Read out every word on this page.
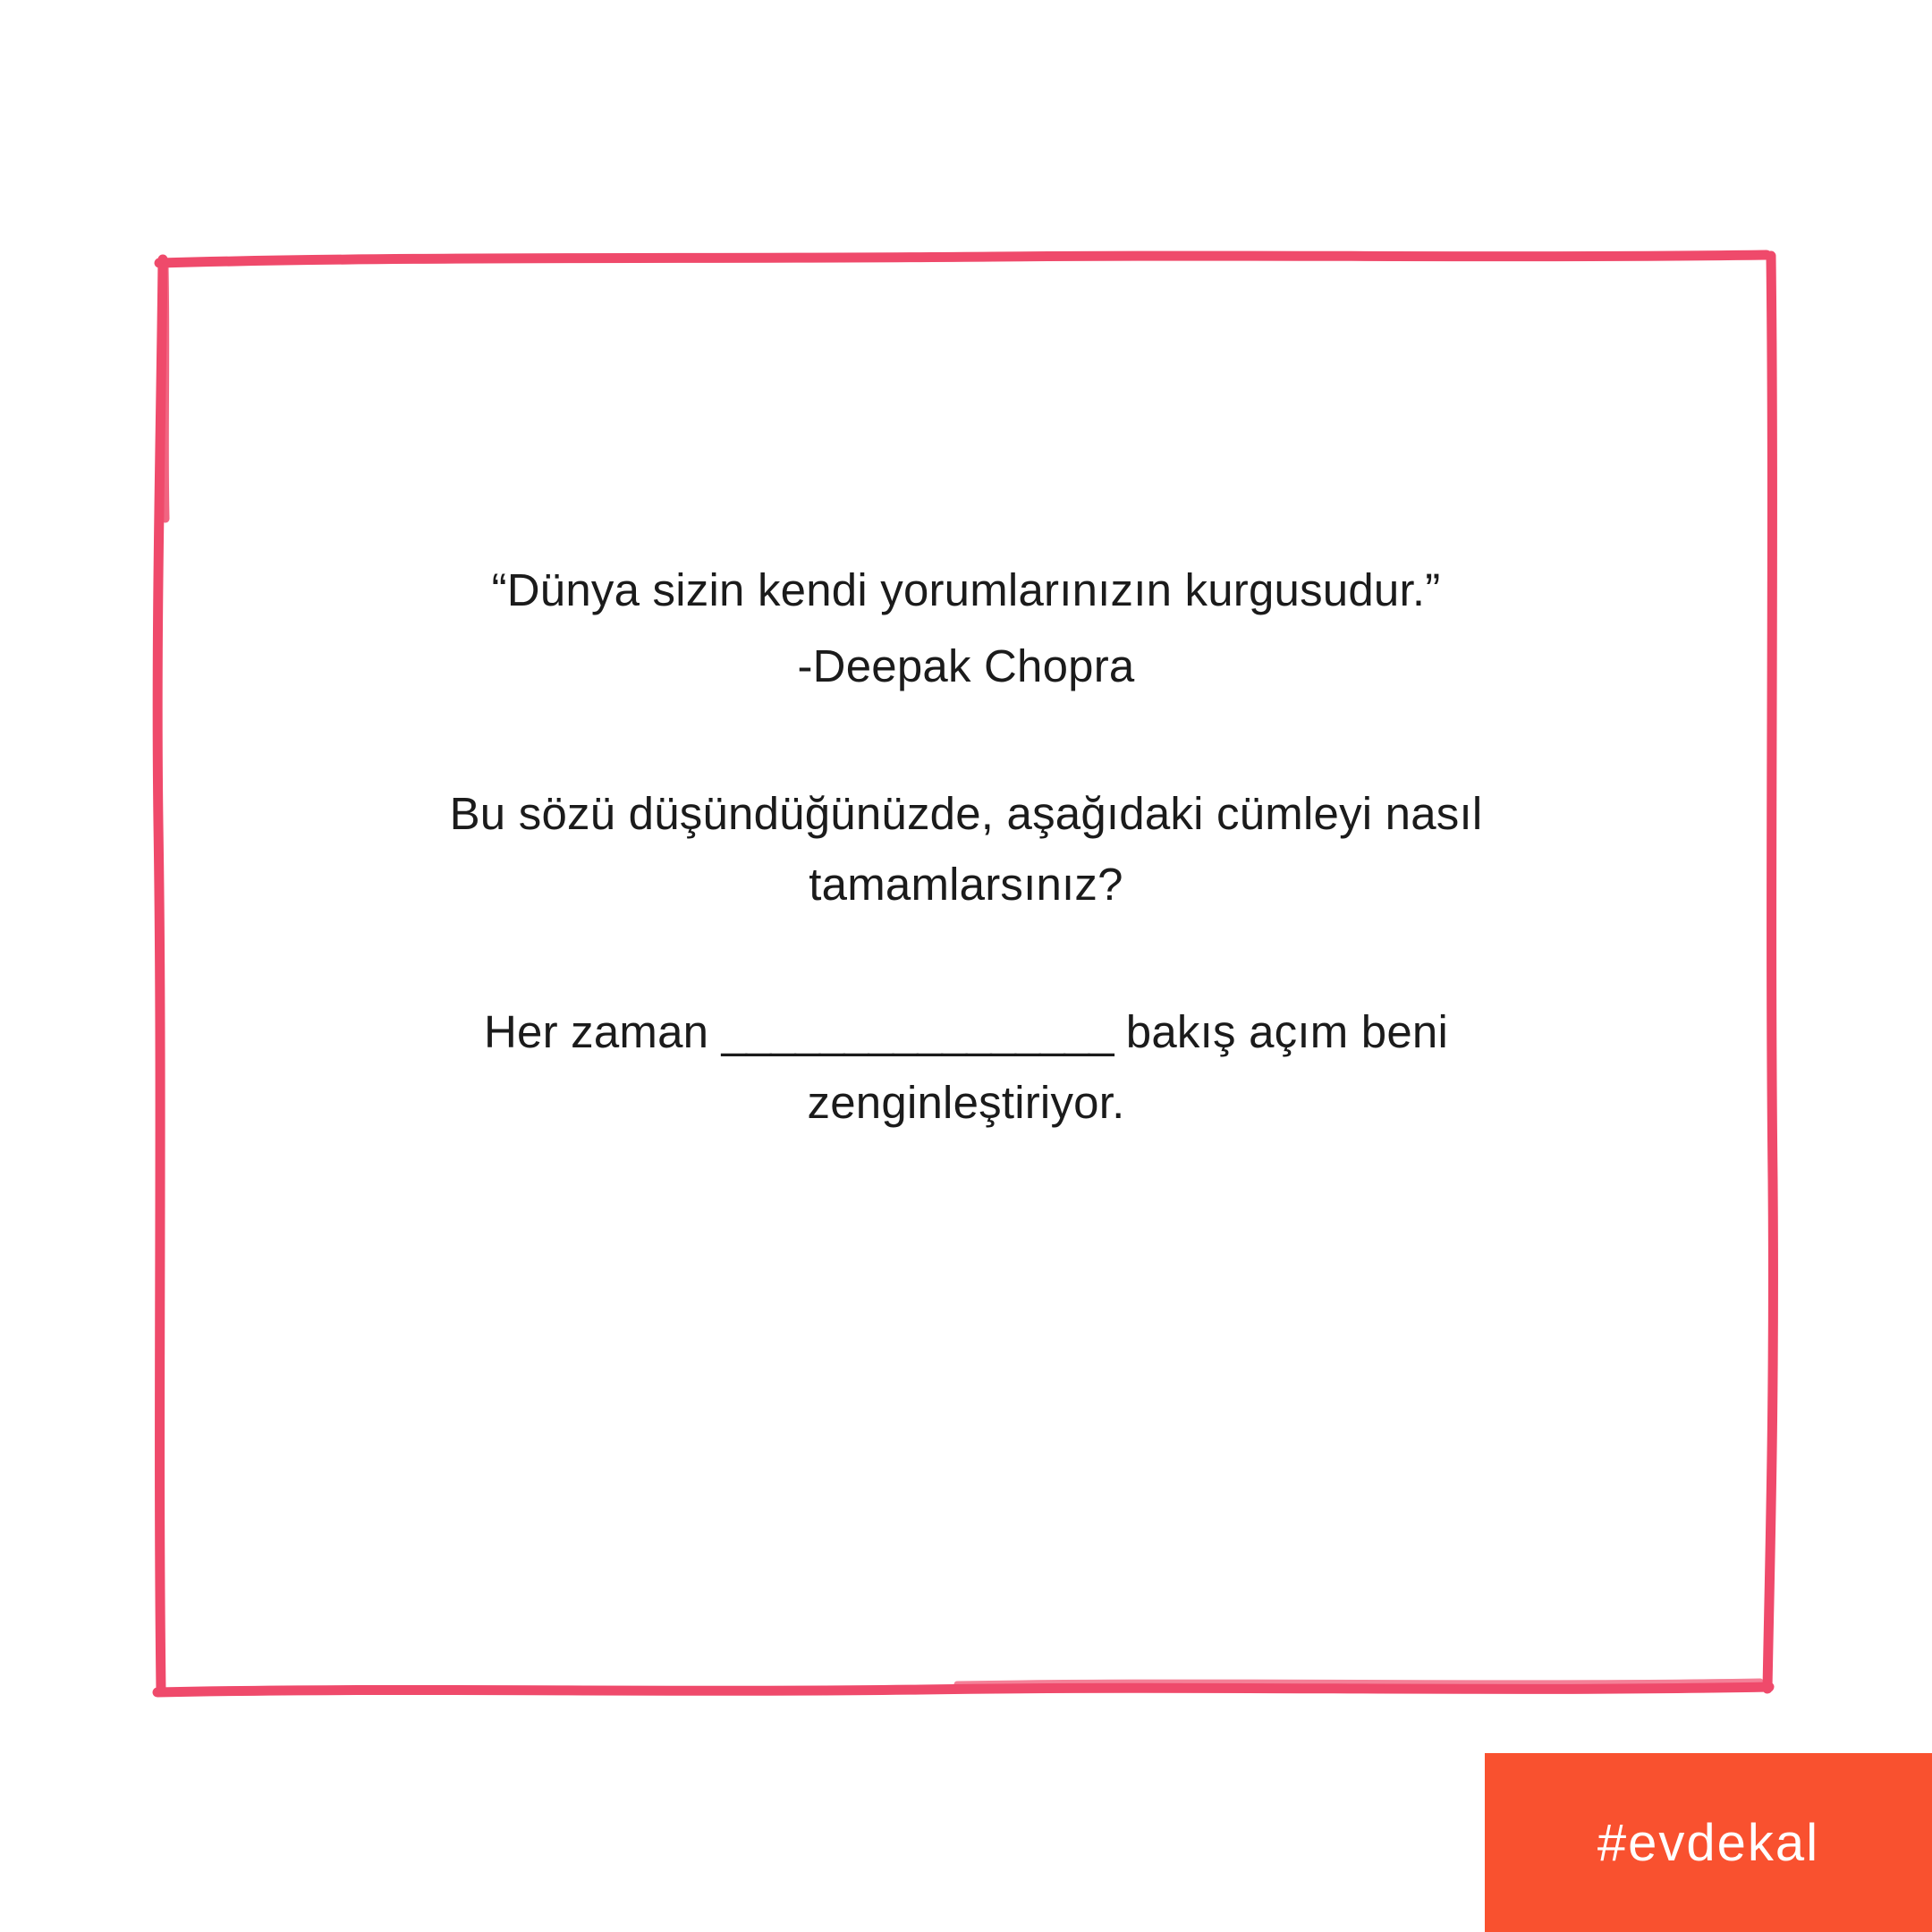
“Dünya sizin kendi yorumlarınızın kurgusudur.”

-Deepak Chopra

Bu sözü düşündüğünüzde, aşağıdaki cümleyi nasıl

tamamlarsınız?

Her zaman ________________ bakış açım beni

zenginleştiriyor.

#evdekal
